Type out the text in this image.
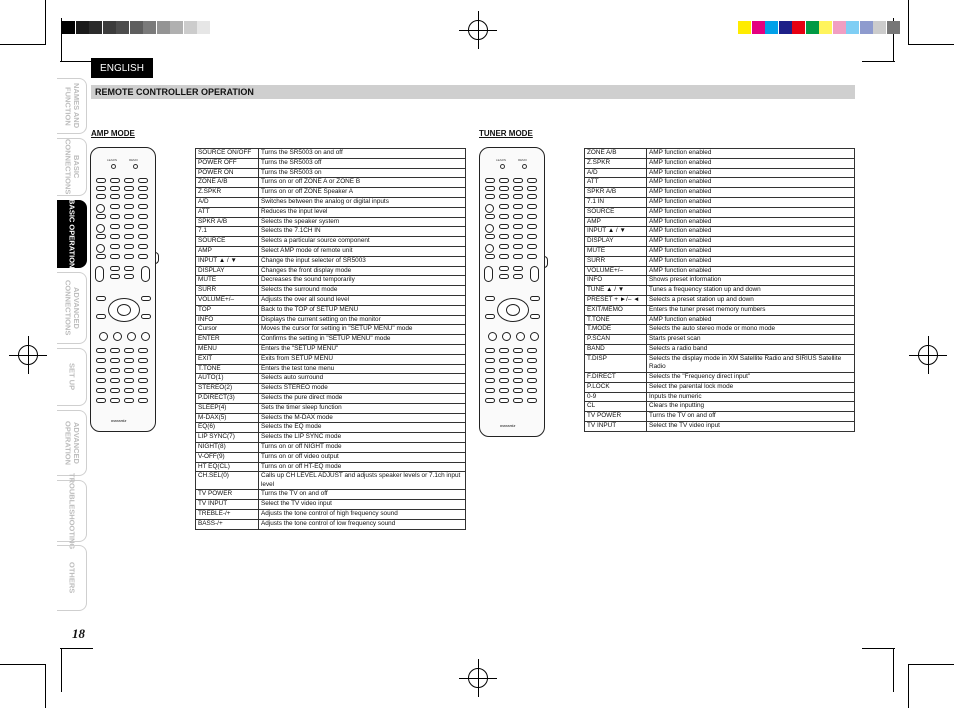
ENGLISH
REMOTE CONTROLLER OPERATION
NAMES AND
FUNCTION
BASIC
CONNECTIONS
BASIC OPERATION
ADVANCED
CONNECTIONS
SET UP
ADVANCED
OPERATION
TROUBLESHOOTING
OTHERS
AMP MODE
LEARN	REMO
marantz
SOURCE ON/OFF	Turns the SR5003 on and off
POWER OFF	Turns the SR5003 off
POWER ON	Turns the SR5003 on
ZONE A/B	Turns on or off ZONE A or ZONE B
Z.SPKR	Turns on or off ZONE Speaker A
A/D	Switches between the analog or digital inputs
ATT	Reduces the input level
SPKR A/B	Selects the speaker system
7.1	Selects the 7.1CH IN
SOURCE	Selects a particular source component
AMP	Select AMP mode of remote unit
INPUT ▲ / ▼	Change the input selecter of SR5003
DISPLAY	Changes the front display mode
MUTE	Decreases the sound temporarily
SURR	Selects the surround mode
VOLUME+/–	Adjusts the over all sound level
TOP	Back to the TOP of SETUP MENU
INFO	Displays the current setting on the monitor
Cursor	Moves the cursor for setting in "SETUP MENU" mode
ENTER	Confirms the setting in "SETUP MENU" mode
MENU	Enters the "SETUP MENU"
EXIT	Exits from SETUP MENU
T.TONE	Enters the test tone menu
AUTO(1)	Selects auto surround
STEREO(2)	Selects STEREO mode
P.DIRECT(3)	Selects the pure direct mode
SLEEP(4)	Sets the timer sleep function
M-DAX(5)	Selects the M-DAX mode
EQ(6)	Selects the EQ mode
LIP SYNC(7)	Selects the LIP SYNC mode
NIGHT(8)	Turns on or off NIGHT mode
V-OFF(9)	Turns on or off video output
HT EQ(CL)	Turns on or off HT-EQ mode
CH.SEL(0)	Calls up CH LEVEL ADJUST and adjusts speaker levels or 7.1ch input level
TV POWER	Turns the TV on and off
TV INPUT	Select the TV video input
TREBLE-/+	Adjusts the tone control of high frequency sound
BASS-/+	Adjusts the tone control of low frequency sound
TUNER MODE
LEARN	REMO
marantz
ZONE A/B	AMP function enabled
Z.SPKR	AMP function enabled
A/D	AMP function enabled
ATT	AMP function enabled
SPKR A/B	AMP function enabled
7.1 IN	AMP function enabled
SOURCE	AMP function enabled
AMP	AMP function enabled
INPUT ▲ / ▼	AMP function enabled
DISPLAY	AMP function enabled
MUTE	AMP function enabled
SURR	AMP function enabled
VOLUME+/–	AMP function enabled
INFO	Shows preset information
TUNE ▲ / ▼	Tunes a frequency station up and down
PRESET + ►/– ◄	Selects a preset station up and down
EXIT/MEMO	Enters the tuner preset memory numbers
T.TONE	AMP function enabled
T.MODE	Selects the auto stereo mode or mono mode
P.SCAN	Starts preset scan
BAND	Selects a radio band
T.DISP	Selects the display mode in XM Satellite Radio and SIRIUS Satellite Radio
F.DIRECT	Selects the "Frequency direct input"
P.LOCK	Select the parental lock mode
0-9	Inputs the numeric
CL	Clears the inputting
TV POWER	Turns the TV on and off
TV INPUT	Select the TV video input
18
